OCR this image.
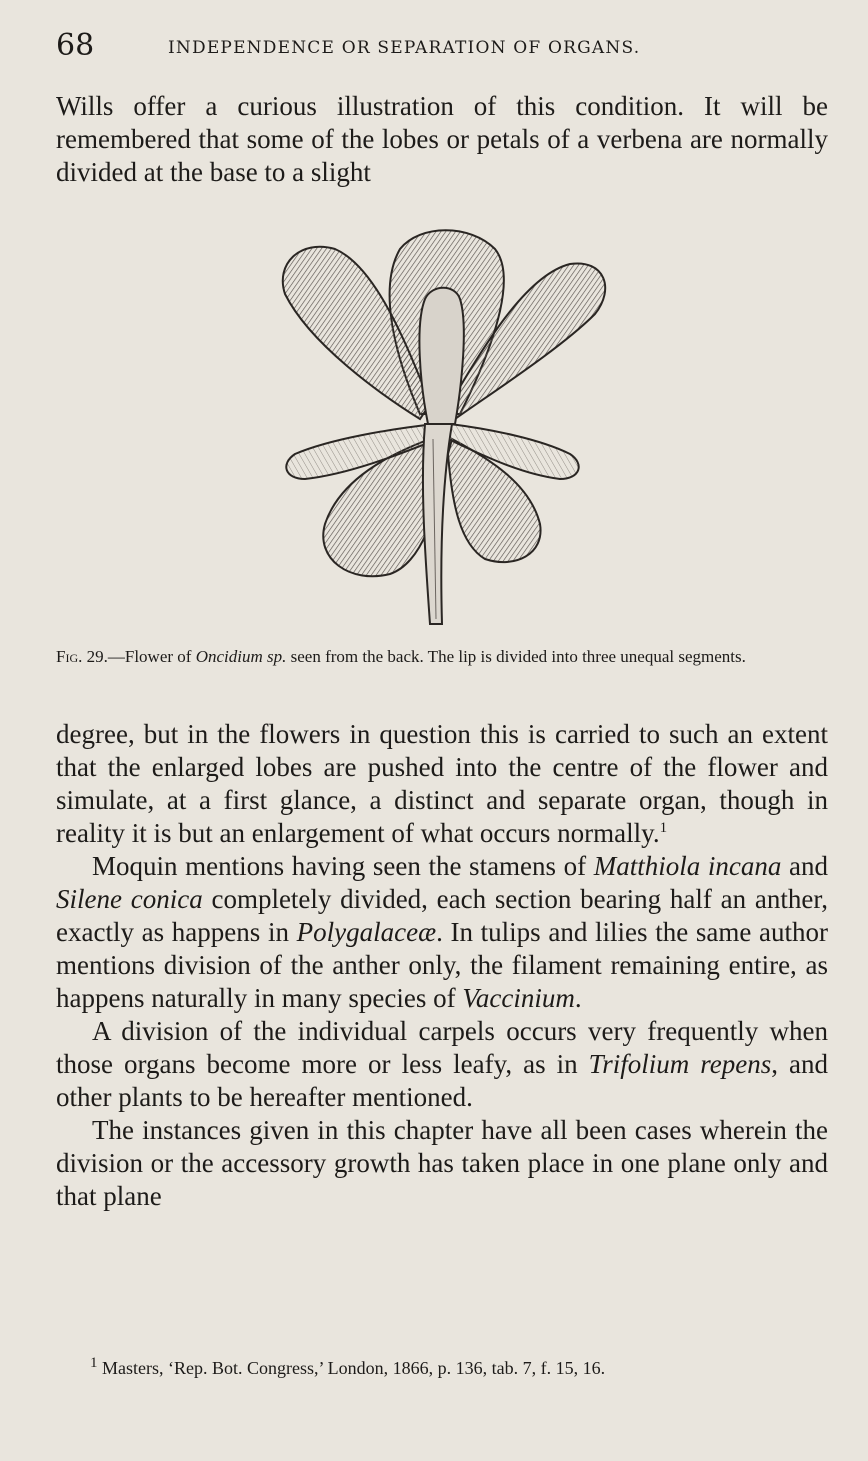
68	INDEPENDENCE OR SEPARATION OF ORGANS.

Wills offer a curious illustration of this condition. It will be remembered that some of the lobes or petals of a verbena are normally divided at the base to a slight

Fig. 29.—Flower of Oncidium sp. seen from the back. The lip is divided into three unequal segments.

degree, but in the flowers in question this is carried to such an extent that the enlarged lobes are pushed into the centre of the flower and simulate, at a first glance, a distinct and separate organ, though in reality it is but an enlargement of what occurs normally.$^1$

Moquin mentions having seen the stamens of Matthiola incana and Silene conica completely divided, each section bearing half an anther, exactly as happens in Polygalaceæ. In tulips and lilies the same author mentions division of the anther only, the filament remaining entire, as happens naturally in many species of Vaccinium.

A division of the individual carpels occurs very frequently when those organs become more or less leafy, as in Trifolium repens, and other plants to be hereafter mentioned.

The instances given in this chapter have all been cases wherein the division or the accessory growth has taken place in one plane only and that plane

$^1$ Masters, ‘Rep. Bot. Congress,’ London, 1866, p. 136, tab. 7, f. 15, 16.
